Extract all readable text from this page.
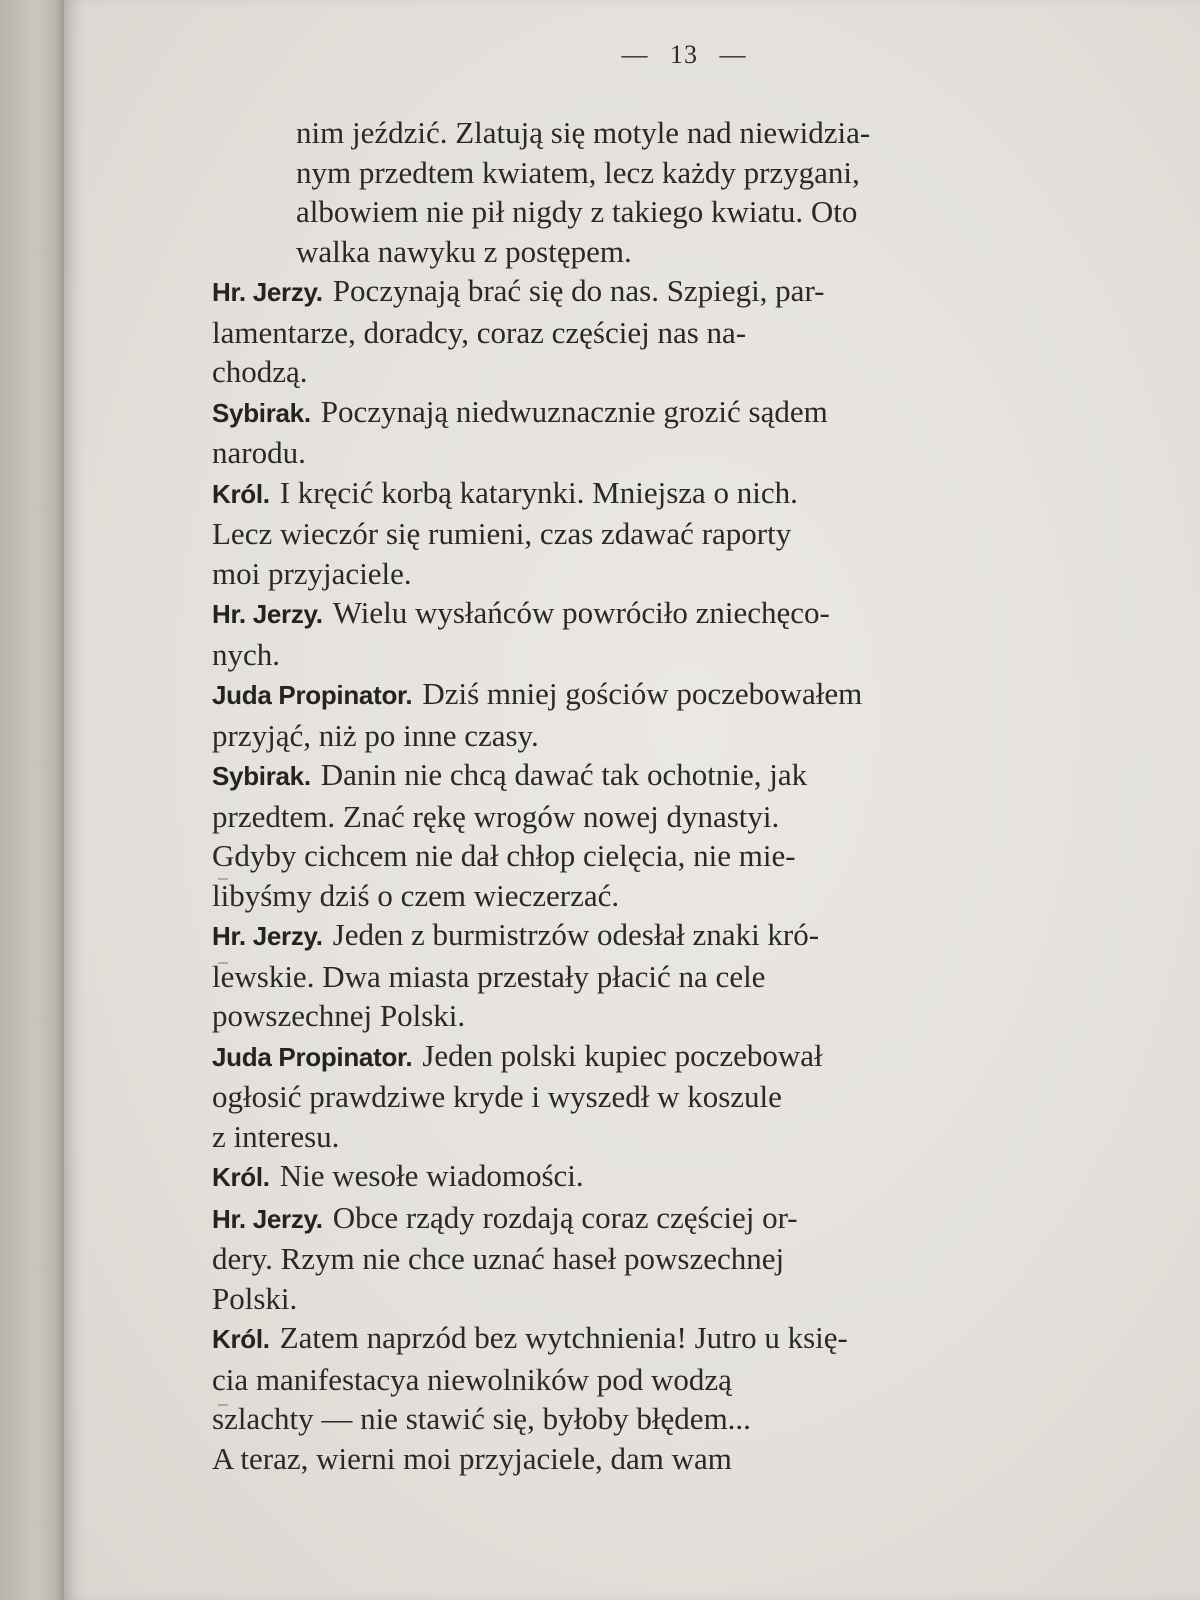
— 13 —

nim jeździć. Zlatują się motyle nad niewidzia-
nym przedtem kwiatem, lecz każdy przygani,
albowiem nie pił nigdy z takiego kwiatu. Oto
walka nawyku z postępem.

Hr. Jerzy. Poczynają brać się do nas. Szpiegi, par-
lamentarze, doradcy, coraz częściej nas na-
chodzą.

Sybirak. Poczynają niedwuznacznie grozić sądem
narodu.

Król. I kręcić korbą katarynki. Mniejsza o nich.
Lecz wieczór się rumieni, czas zdawać raporty
moi przyjaciele.

Hr. Jerzy. Wielu wysłańców powróciło zniechęco-
nych.

Juda Propinator. Dziś mniej gościów poczebowałem
przyjąć, niż po inne czasy.

Sybirak. Danin nie chcą dawać tak ochotnie, jak
przedtem. Znać rękę wrogów nowej dynastyi.
Gdyby cichcem nie dał chłop cielęcia, nie mie-
libyśmy dziś o czem wieczerzać.

Hr. Jerzy. Jeden z burmistrzów odesłał znaki kró-
lewskie. Dwa miasta przestały płacić na cele
powszechnej Polski.

Juda Propinator. Jeden polski kupiec poczebował
ogłosić prawdziwe kryde i wyszedł w koszule
z interesu.

Król. Nie wesołe wiadomości.

Hr. Jerzy. Obce rządy rozdają coraz częściej or-
dery. Rzym nie chce uznać haseł powszechnej
Polski.

Król. Zatem naprzód bez wytchnienia! Jutro u księ-
cia manifestacya niewolników pod wodzą
szlachty — nie stawić się, byłoby błędem...
A teraz, wierni moi przyjaciele, dam wam
